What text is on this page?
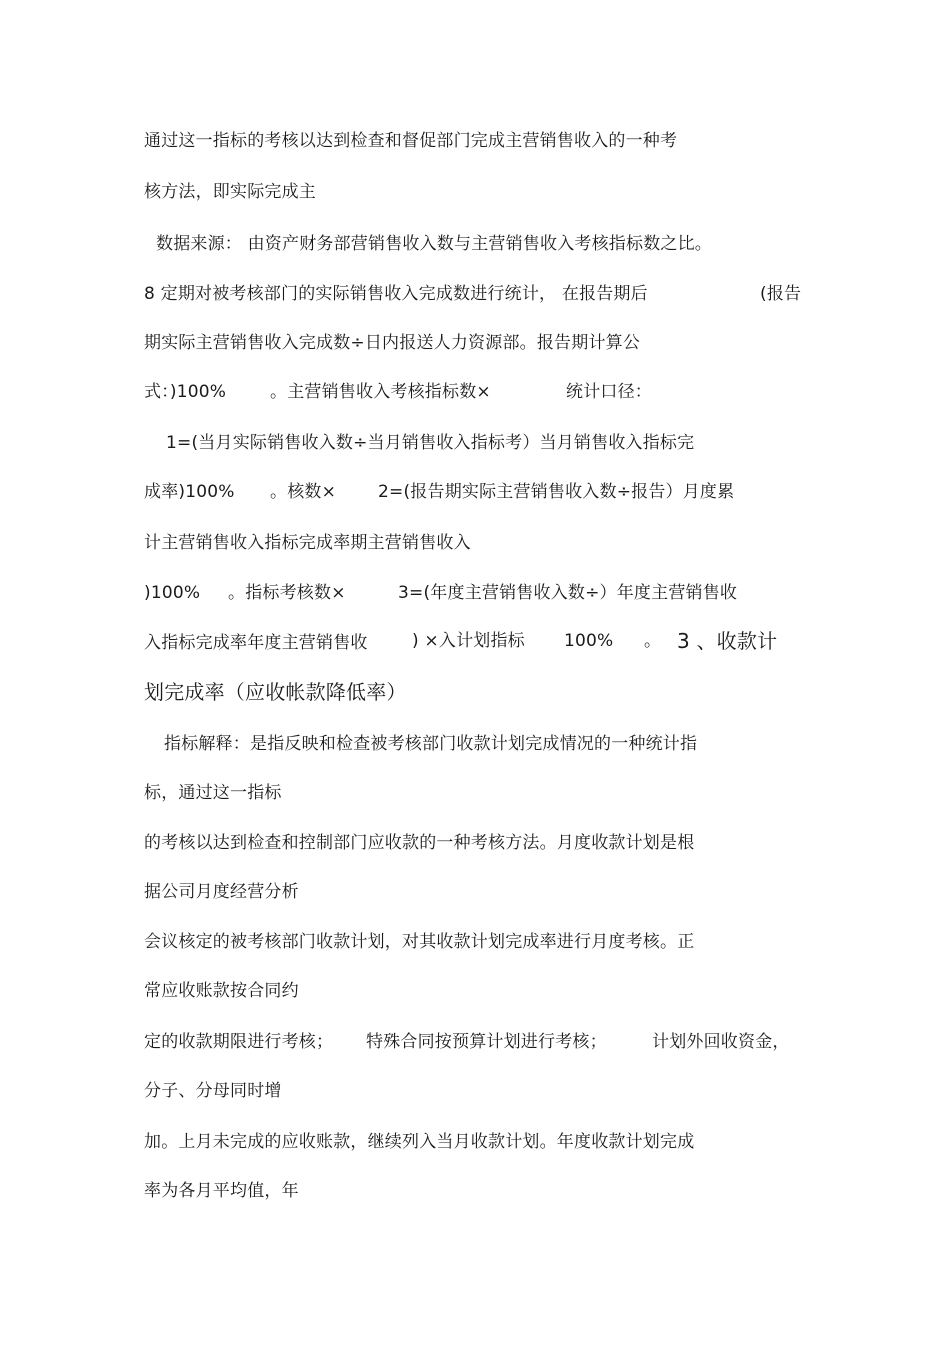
通过这一指标的考核以达到检查和督促部门完成主营销售收入的一种考
核方法，即实际完成主
数据来源： 由资产财务部营销售收入数与主营销售收入考核指标数之比。
8 定期对被考核部门的实际销售收入完成数进行统计， 在报告期后	(报告
期实际主营销售收入完成数÷日内报送人力资源部。报告期计算公
式：)100%	。主营销售收入考核指标数×	统计口径：
1=(当月实际销售收入数÷当月销售收入指标考）当月销售收入指标完
成率)100% 。核数× 2=(报告期实际主营销售收入数÷报告）月度累
计主营销售收入指标完成率期主营销售收入
)100% 。指标考核数×	3=(年度主营销售收入数÷）年度主营销售收
入指标完成率年度主营销售收	) ×入计划指标 100% 。 3 、收款计
划完成率（应收帐款降低率）
指标解释：是指反映和检查被考核部门收款计划完成情况的一种统计指
标，通过这一指标
的考核以达到检查和控制部门应收款的一种考核方法。月度收款计划是根
据公司月度经营分析
会议核定的被考核部门收款计划，对其收款计划完成率进行月度考核。正
常应收账款按合同约
定的收款期限进行考核； 特殊合同按预算计划进行考核；	计划外回收资金，
分子、分母同时增
加。上月未完成的应收账款，继续列入当月收款计划。年度收款计划完成
率为各月平均值，年
